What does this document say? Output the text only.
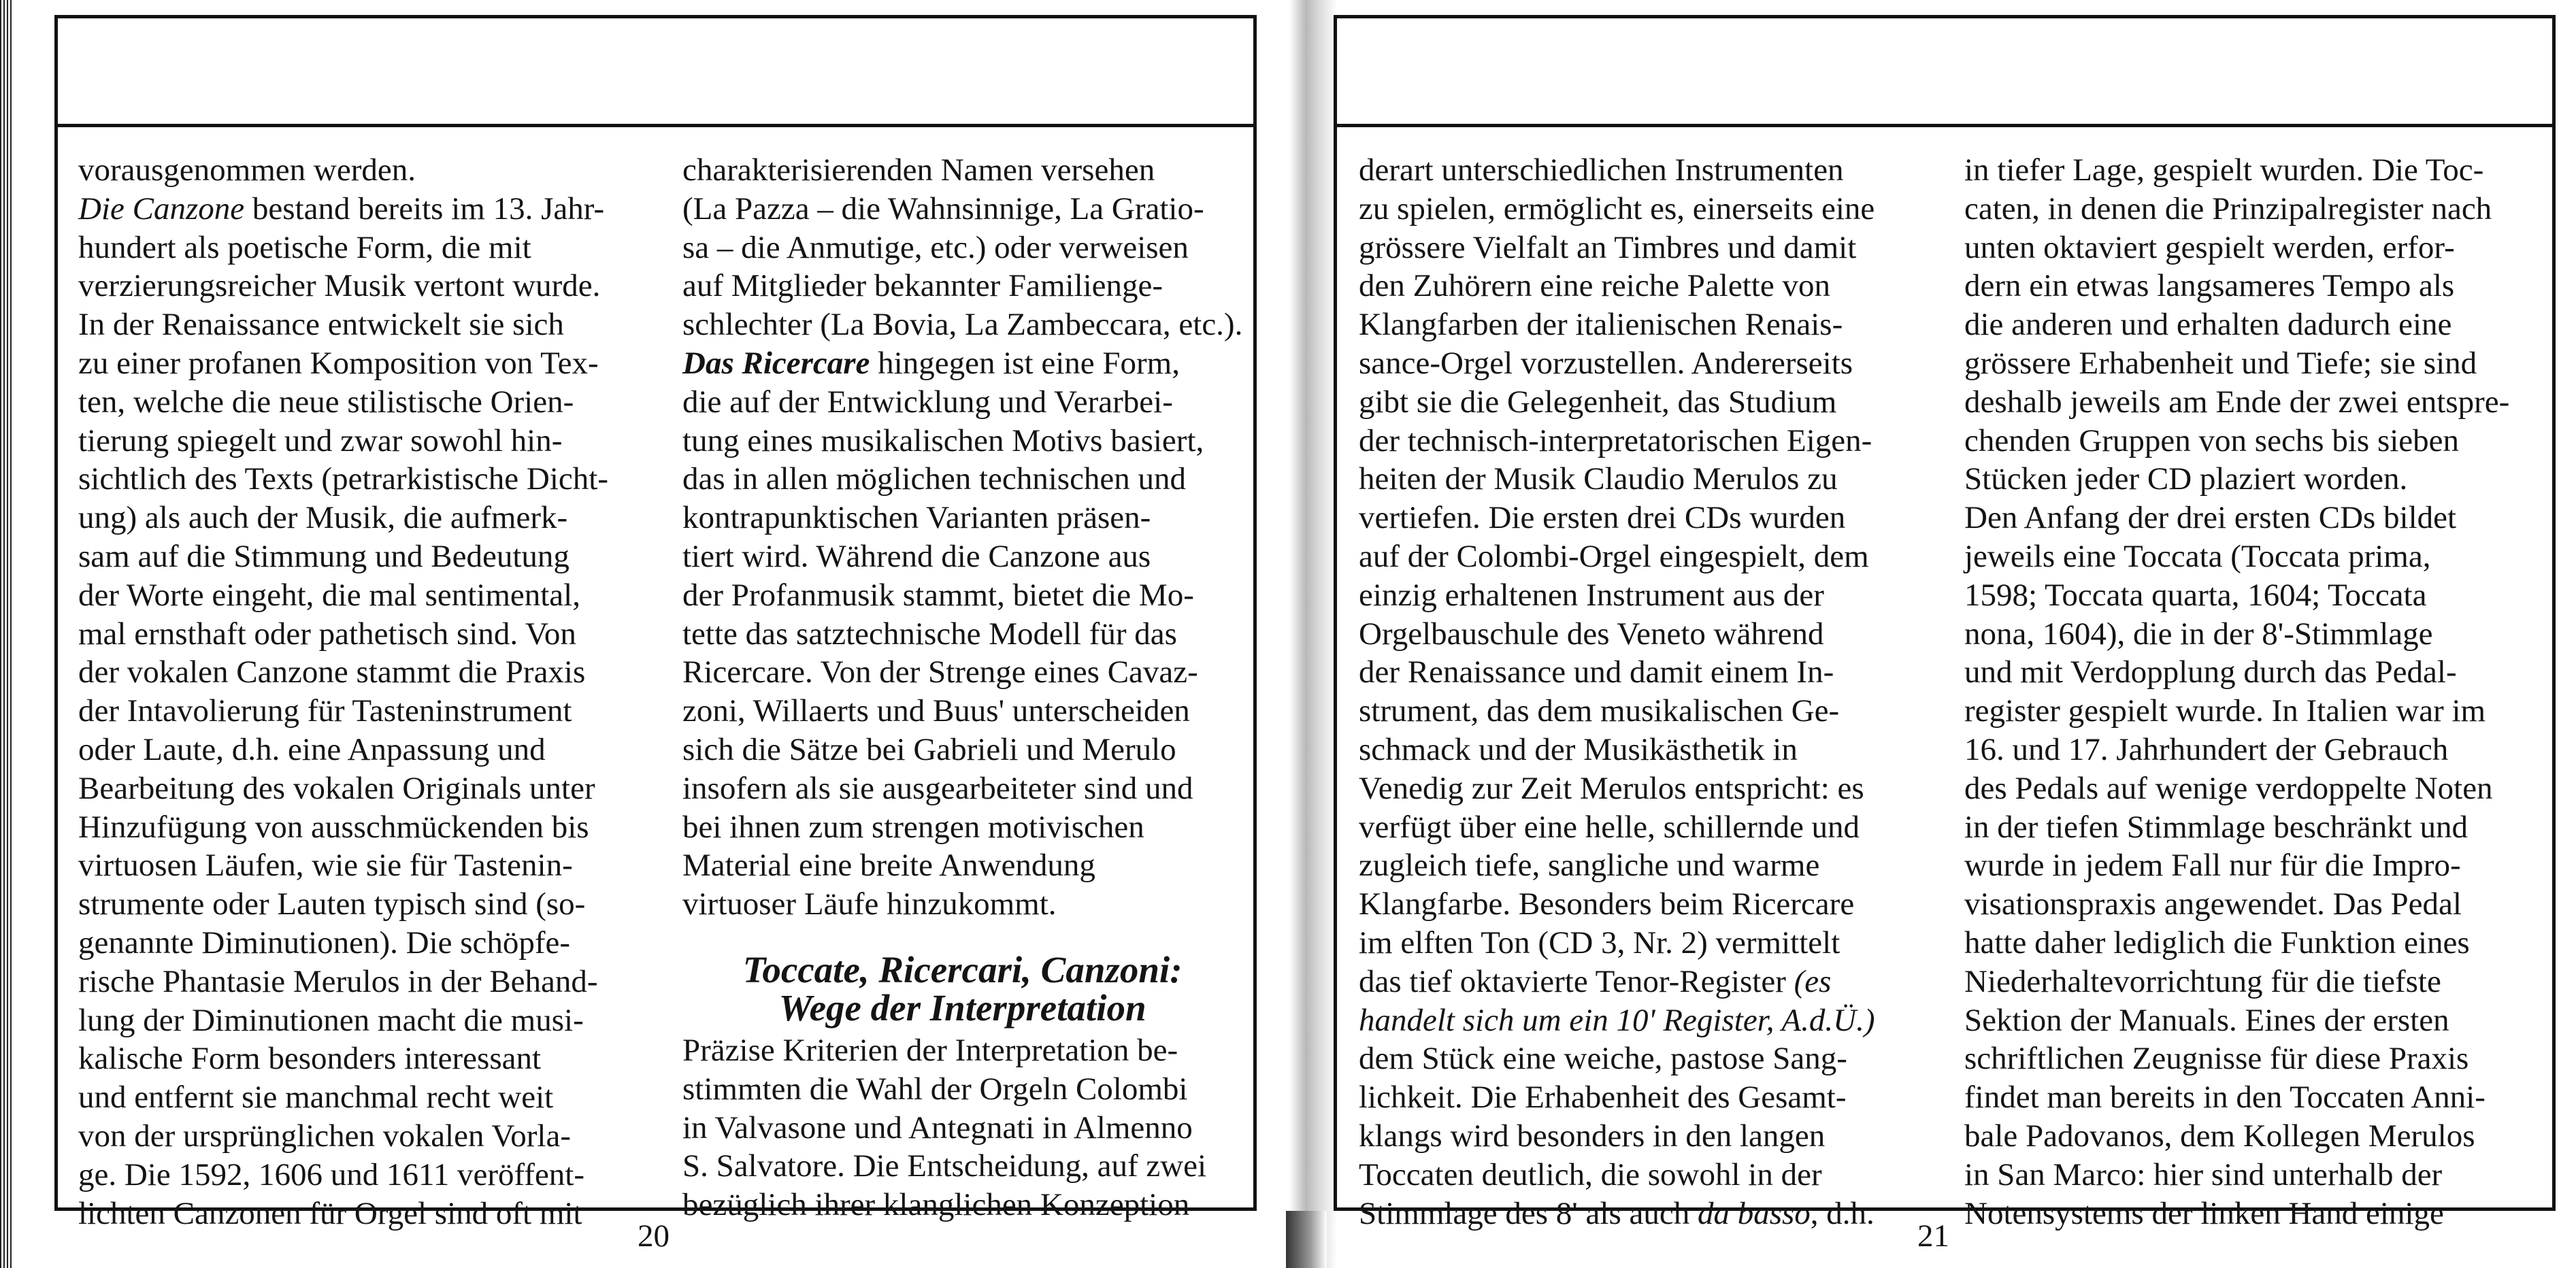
vorausgenommen werden.
Die Canzone bestand bereits im 13. Jahr-
hundert als poetische Form, die mit
verzierungsreicher Musik vertont wurde.
In der Renaissance entwickelt sie sich
zu einer profanen Komposition von Tex-
ten, welche die neue stilistische Orien-
tierung spiegelt und zwar sowohl hin-
sichtlich des Texts (petrarkistische Dicht-
ung) als auch der Musik, die aufmerk-
sam auf die Stimmung und Bedeutung
der Worte eingeht, die mal sentimental,
mal ernsthaft oder pathetisch sind. Von
der vokalen Canzone stammt die Praxis
der Intavolierung für Tasteninstrument
oder Laute, d.h. eine Anpassung und
Bearbeitung des vokalen Originals unter
Hinzufügung von ausschmückenden bis
virtuosen Läufen, wie sie für Tastenin-
strumente oder Lauten typisch sind (so-
genannte Diminutionen). Die schöpfe-
rische Phantasie Merulos in der Behand-
lung der Diminutionen macht die musi-
kalische Form besonders interessant
und entfernt sie manchmal recht weit
von der ursprünglichen vokalen Vorla-
ge. Die 1592, 1606 und 1611 veröffent-
lichten Canzonen für Orgel sind oft mit
charakterisierenden Namen versehen
(La Pazza – die Wahnsinnige, La Gratio-
sa – die Anmutige, etc.) oder verweisen
auf Mitglieder bekannter Familienge-
schlechter (La Bovia, La Zambeccara, etc.).
Das Ricercare hingegen ist eine Form,
die auf der Entwicklung und Verarbei-
tung eines musikalischen Motivs basiert,
das in allen möglichen technischen und
kontrapunktischen Varianten präsen-
tiert wird. Während die Canzone aus
der Profanmusik stammt, bietet die Mo-
tette das satztechnische Modell für das
Ricercare. Von der Strenge eines Cavaz-
zoni, Willaerts und Buus' unterscheiden
sich die Sätze bei Gabrieli und Merulo
insofern als sie ausgearbeiteter sind und
bei ihnen zum strengen motivischen
Material eine breite Anwendung
virtuoser Läufe hinzukommt.
Toccate, Ricercari, Canzoni:
Wege der Interpretation
Präzise Kriterien der Interpretation be-
stimmten die Wahl der Orgeln Colombi
in Valvasone und Antegnati in Almenno
S. Salvatore. Die Entscheidung, auf zwei
bezüglich ihrer klanglichen Konzeption
20
derart unterschiedlichen Instrumenten
zu spielen, ermöglicht es, einerseits eine
grössere Vielfalt an Timbres und damit
den Zuhörern eine reiche Palette von
Klangfarben der italienischen Renais-
sance-Orgel vorzustellen. Andererseits
gibt sie die Gelegenheit, das Studium
der technisch-interpretatorischen Eigen-
heiten der Musik Claudio Merulos zu
vertiefen. Die ersten drei CDs wurden
auf der Colombi-Orgel eingespielt, dem
einzig erhaltenen Instrument aus der
Orgelbauschule des Veneto während
der Renaissance und damit einem In-
strument, das dem musikalischen Ge-
schmack und der Musikästhetik in
Venedig zur Zeit Merulos entspricht: es
verfügt über eine helle, schillernde und
zugleich tiefe, sangliche und warme
Klangfarbe. Besonders beim Ricercare
im elften Ton (CD 3, Nr. 2) vermittelt
das tief oktavierte Tenor-Register (es
handelt sich um ein 10' Register, A.d.Ü.)
dem Stück eine weiche, pastose Sang-
lichkeit. Die Erhabenheit des Gesamt-
klangs wird besonders in den langen
Toccaten deutlich, die sowohl in der
Stimmlage des 8' als auch da basso, d.h.
in tiefer Lage, gespielt wurden. Die Toc-
caten, in denen die Prinzipalregister nach
unten oktaviert gespielt werden, erfor-
dern ein etwas langsameres Tempo als
die anderen und erhalten dadurch eine
grössere Erhabenheit und Tiefe; sie sind
deshalb jeweils am Ende der zwei entspre-
chenden Gruppen von sechs bis sieben
Stücken jeder CD plaziert worden.
Den Anfang der drei ersten CDs bildet
jeweils eine Toccata (Toccata prima,
1598; Toccata quarta, 1604; Toccata
nona, 1604), die in der 8'-Stimmlage
und mit Verdopplung durch das Pedal-
register gespielt wurde. In Italien war im
16. und 17. Jahrhundert der Gebrauch
des Pedals auf wenige verdoppelte Noten
in der tiefen Stimmlage beschränkt und
wurde in jedem Fall nur für die Impro-
visationspraxis angewendet. Das Pedal
hatte daher lediglich die Funktion eines
Niederhaltevorrichtung für die tiefste
Sektion der Manuals. Eines der ersten
schriftlichen Zeugnisse für diese Praxis
findet man bereits in den Toccaten Anni-
bale Padovanos, dem Kollegen Merulos
in San Marco: hier sind unterhalb der
Notensystems der linken Hand einige
21
